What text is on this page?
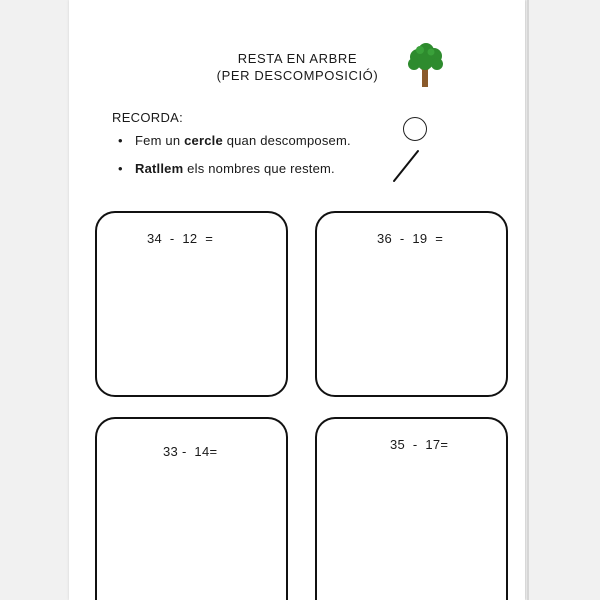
RESTA EN ARBRE
(PER DESCOMPOSICIÓ)
RECORDA:
• Fem un cercle quan descomposem.
• Ratllem els nombres que restem.
34  -  12  =	36  -  19  =
33 -  14=	35  -  17=
